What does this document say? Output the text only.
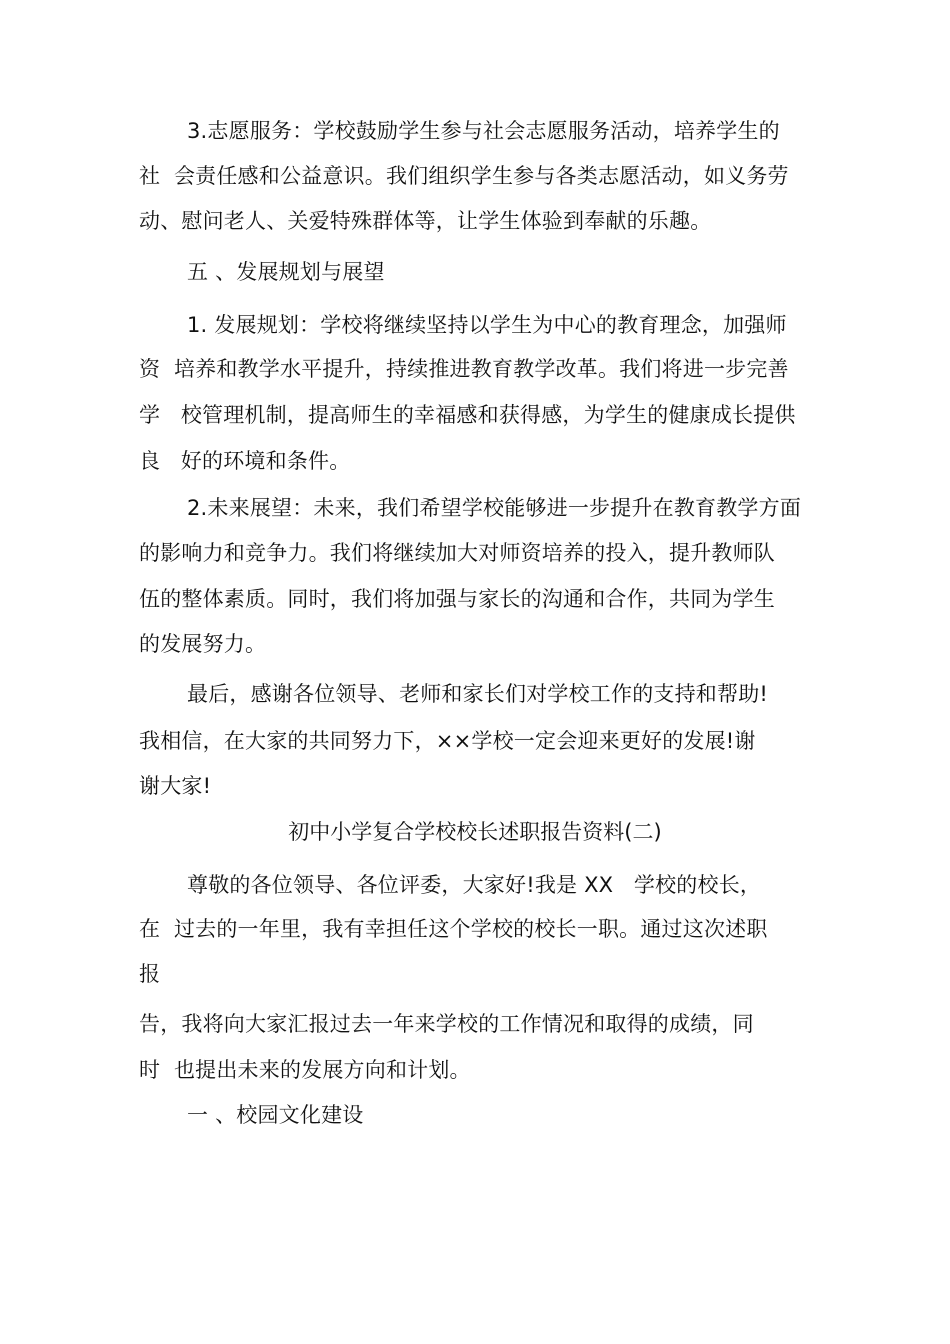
3.志愿服务：学校鼓励学生参与社会志愿服务活动，培养学生的
社  会责任感和公益意识。我们组织学生参与各类志愿活动，如义务劳
动、慰问老人、关爱特殊群体等，让学生体验到奉献的乐趣。
五 、发展规划与展望
1. 发展规划：学校将继续坚持以学生为中心的教育理念，加强师
资  培养和教学水平提升，持续推进教育教学改革。我们将进一步完善
学   校管理机制，提高师生的幸福感和获得感，为学生的健康成长提供
良   好的环境和条件。
2.未来展望：未来，我们希望学校能够进一步提升在教育教学方面
的影响力和竞争力。我们将继续加大对师资培养的投入，提升教师队
伍的整体素质。同时，我们将加强与家长的沟通和合作，共同为学生
的发展努力。
最后，感谢各位领导、老师和家长们对学校工作的支持和帮助!
我相信，在大家的共同努力下，××学校一定会迎来更好的发展!谢
谢大家!
初中小学复合学校校长述职报告资料(二)
尊敬的各位领导、各位评委，大家好!我是 XX   学校的校长，
在  过去的一年里，我有幸担任这个学校的校长一职。通过这次述职
报
告，我将向大家汇报过去一年来学校的工作情况和取得的成绩，同
时  也提出未来的发展方向和计划。
一 、校园文化建设
